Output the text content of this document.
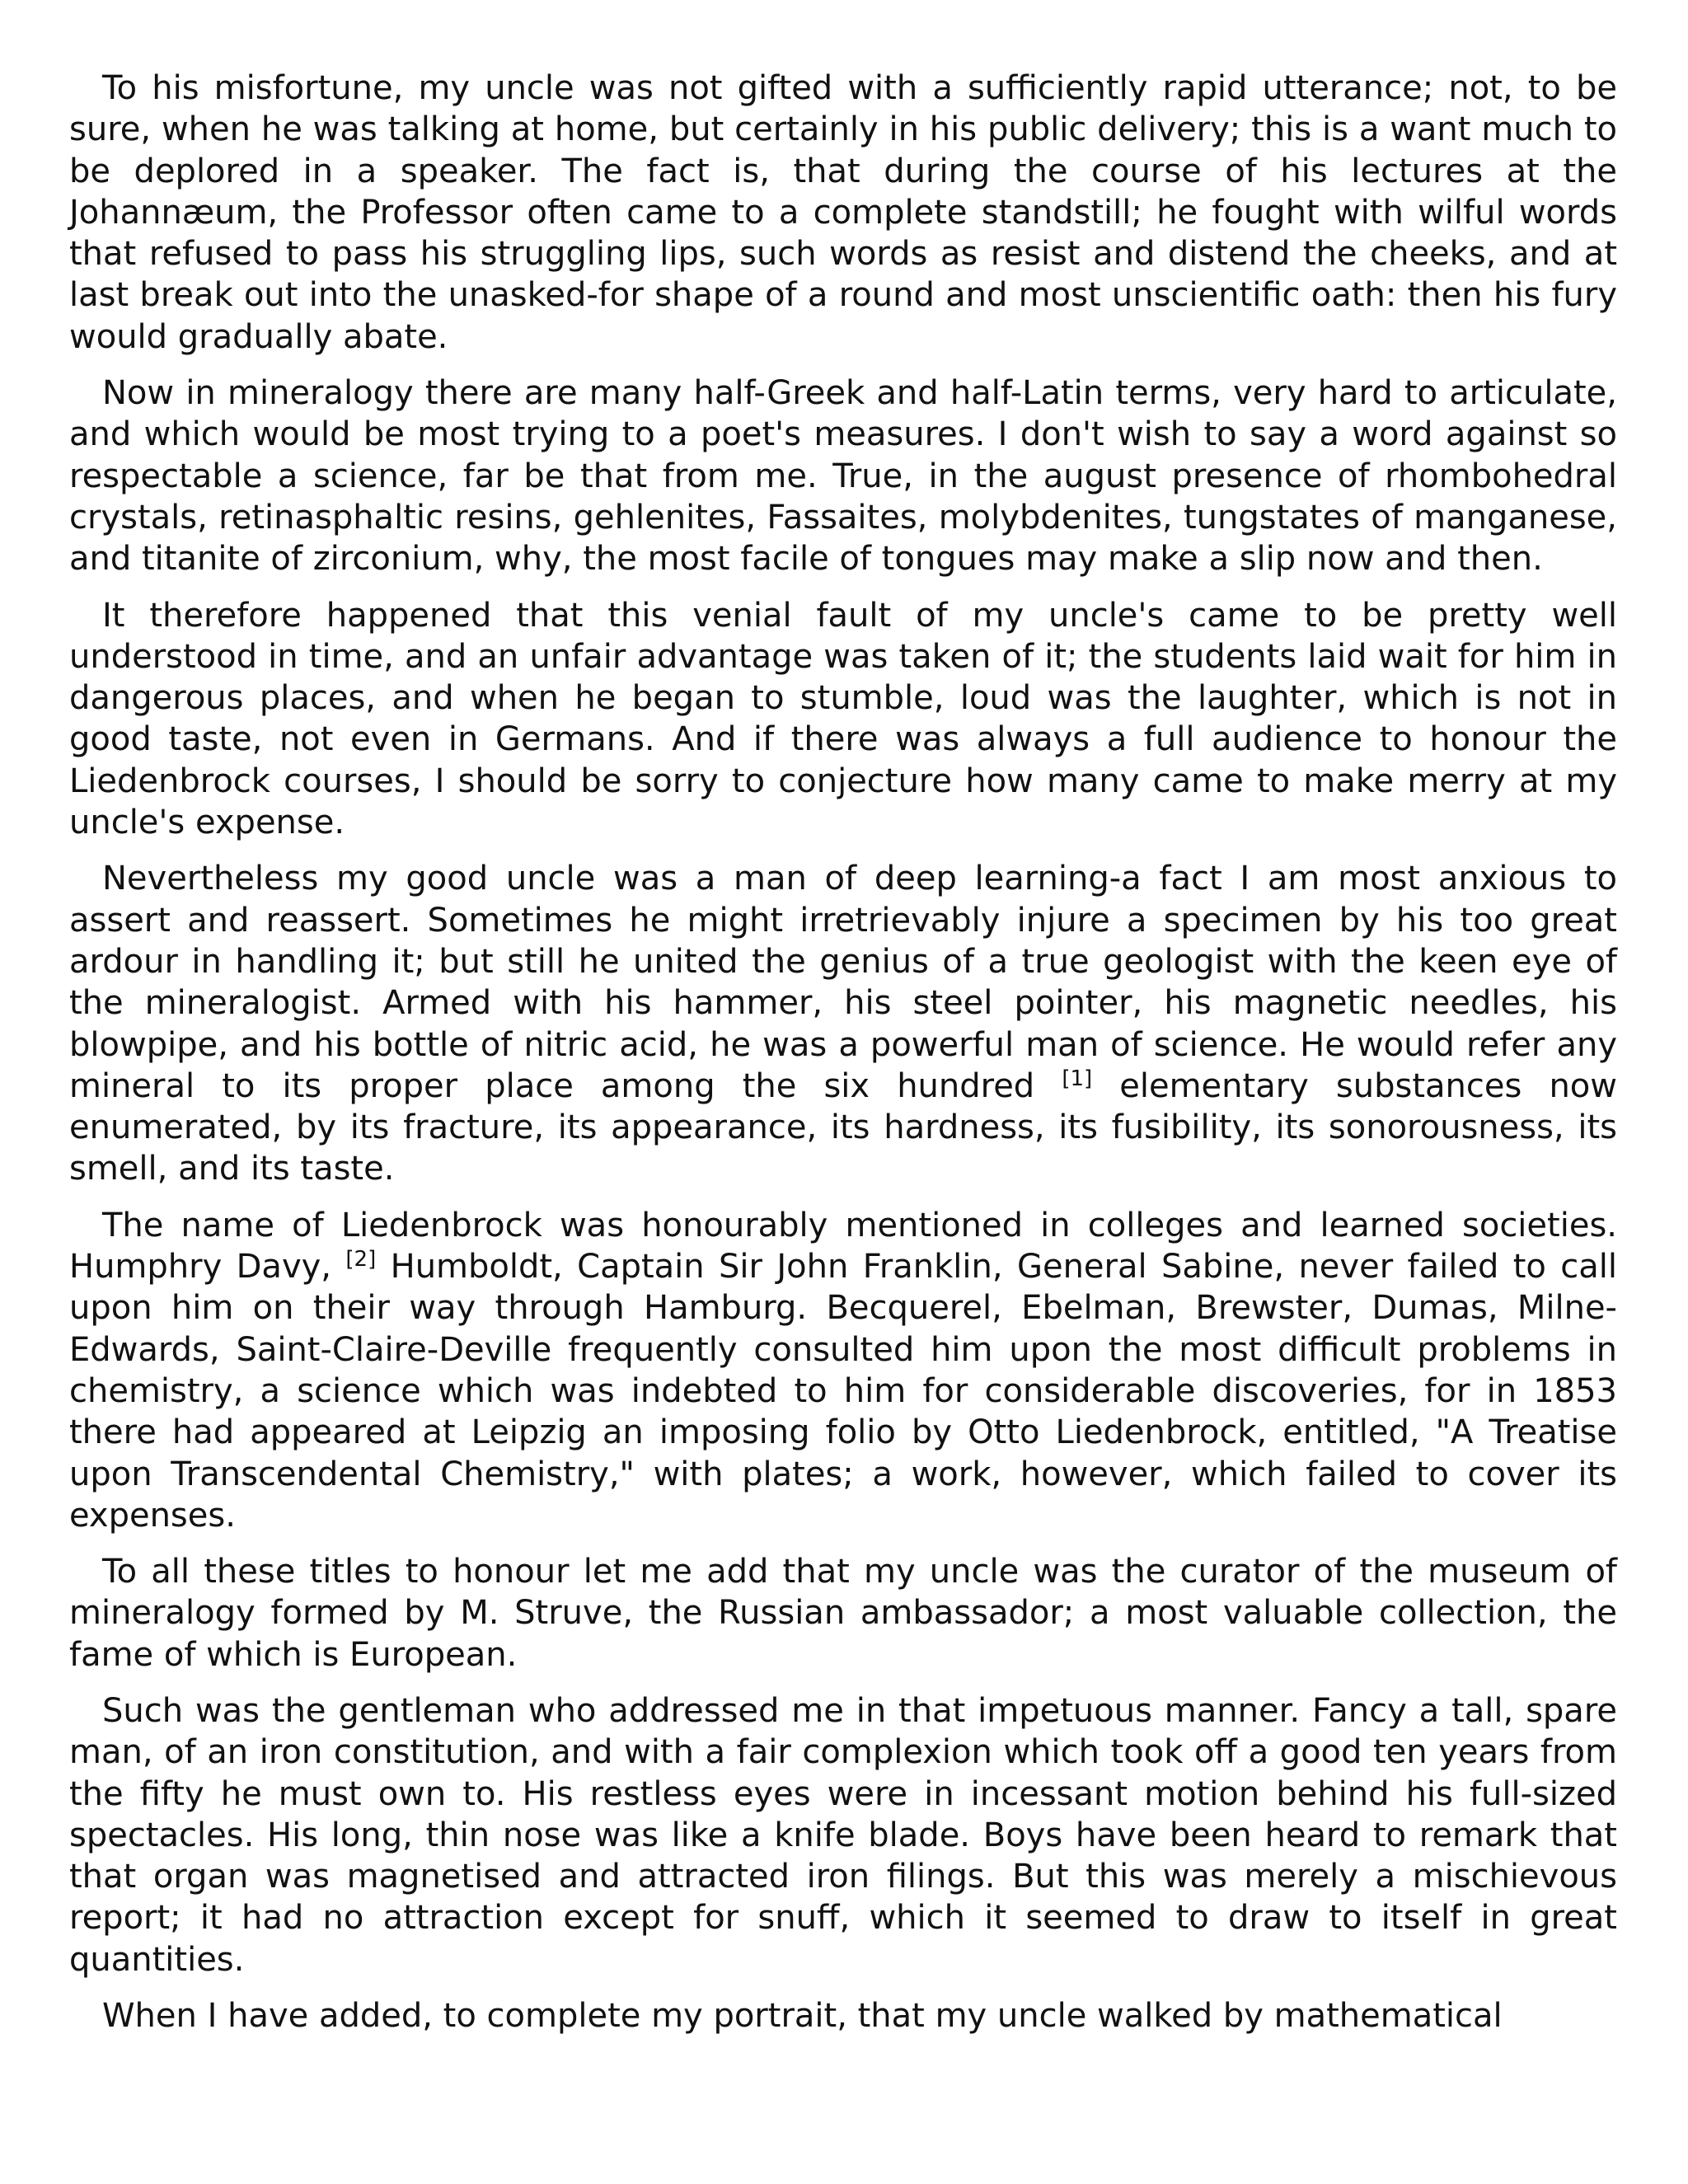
To his misfortune, my uncle was not gifted with a sufficiently rapid utterance; not, to be sure, when he was talking at home, but certainly in his public delivery; this is a want much to be deplored in a speaker. The fact is, that during the course of his lectures at the Johannæum, the Professor often came to a complete standstill; he fought with wilful words that refused to pass his struggling lips, such words as resist and distend the cheeks, and at last break out into the unasked-for shape of a round and most unscientific oath: then his fury would gradually abate.

Now in mineralogy there are many half-Greek and half-Latin terms, very hard to articulate, and which would be most trying to a poet's measures. I don't wish to say a word against so respectable a science, far be that from me. True, in the august presence of rhombohedral crystals, retinasphaltic resins, gehlenites, Fassaites, molybdenites, tungstates of manganese, and titanite of zirconium, why, the most facile of tongues may make a slip now and then.

It therefore happened that this venial fault of my uncle's came to be pretty well understood in time, and an unfair advantage was taken of it; the students laid wait for him in dangerous places, and when he began to stumble, loud was the laughter, which is not in good taste, not even in Germans. And if there was always a full audience to honour the Liedenbrock courses, I should be sorry to conjecture how many came to make merry at my uncle's expense.

Nevertheless my good uncle was a man of deep learning-a fact I am most anxious to assert and reassert. Sometimes he might irretrievably injure a specimen by his too great ardour in handling it; but still he united the genius of a true geologist with the keen eye of the mineralogist. Armed with his hammer, his steel pointer, his magnetic needles, his blowpipe, and his bottle of nitric acid, he was a powerful man of science. He would refer any mineral to its proper place among the six hundred [1] elementary substances now enumerated, by its fracture, its appearance, its hardness, its fusibility, its sonorousness, its smell, and its taste.

The name of Liedenbrock was honourably mentioned in colleges and learned societies. Humphry Davy, [2] Humboldt, Captain Sir John Franklin, General Sabine, never failed to call upon him on their way through Hamburg. Becquerel, Ebelman, Brewster, Dumas, Milne-Edwards, Saint-Claire-Deville frequently consulted him upon the most difficult problems in chemistry, a science which was indebted to him for considerable discoveries, for in 1853 there had appeared at Leipzig an imposing folio by Otto Liedenbrock, entitled, "A Treatise upon Transcendental Chemistry," with plates; a work, however, which failed to cover its expenses.

To all these titles to honour let me add that my uncle was the curator of the museum of mineralogy formed by M. Struve, the Russian ambassador; a most valuable collection, the fame of which is European.

Such was the gentleman who addressed me in that impetuous manner. Fancy a tall, spare man, of an iron constitution, and with a fair complexion which took off a good ten years from the fifty he must own to. His restless eyes were in incessant motion behind his full-sized spectacles. His long, thin nose was like a knife blade. Boys have been heard to remark that that organ was magnetised and attracted iron filings. But this was merely a mischievous report; it had no attraction except for snuff, which it seemed to draw to itself in great quantities.

When I have added, to complete my portrait, that my uncle walked by mathematical
